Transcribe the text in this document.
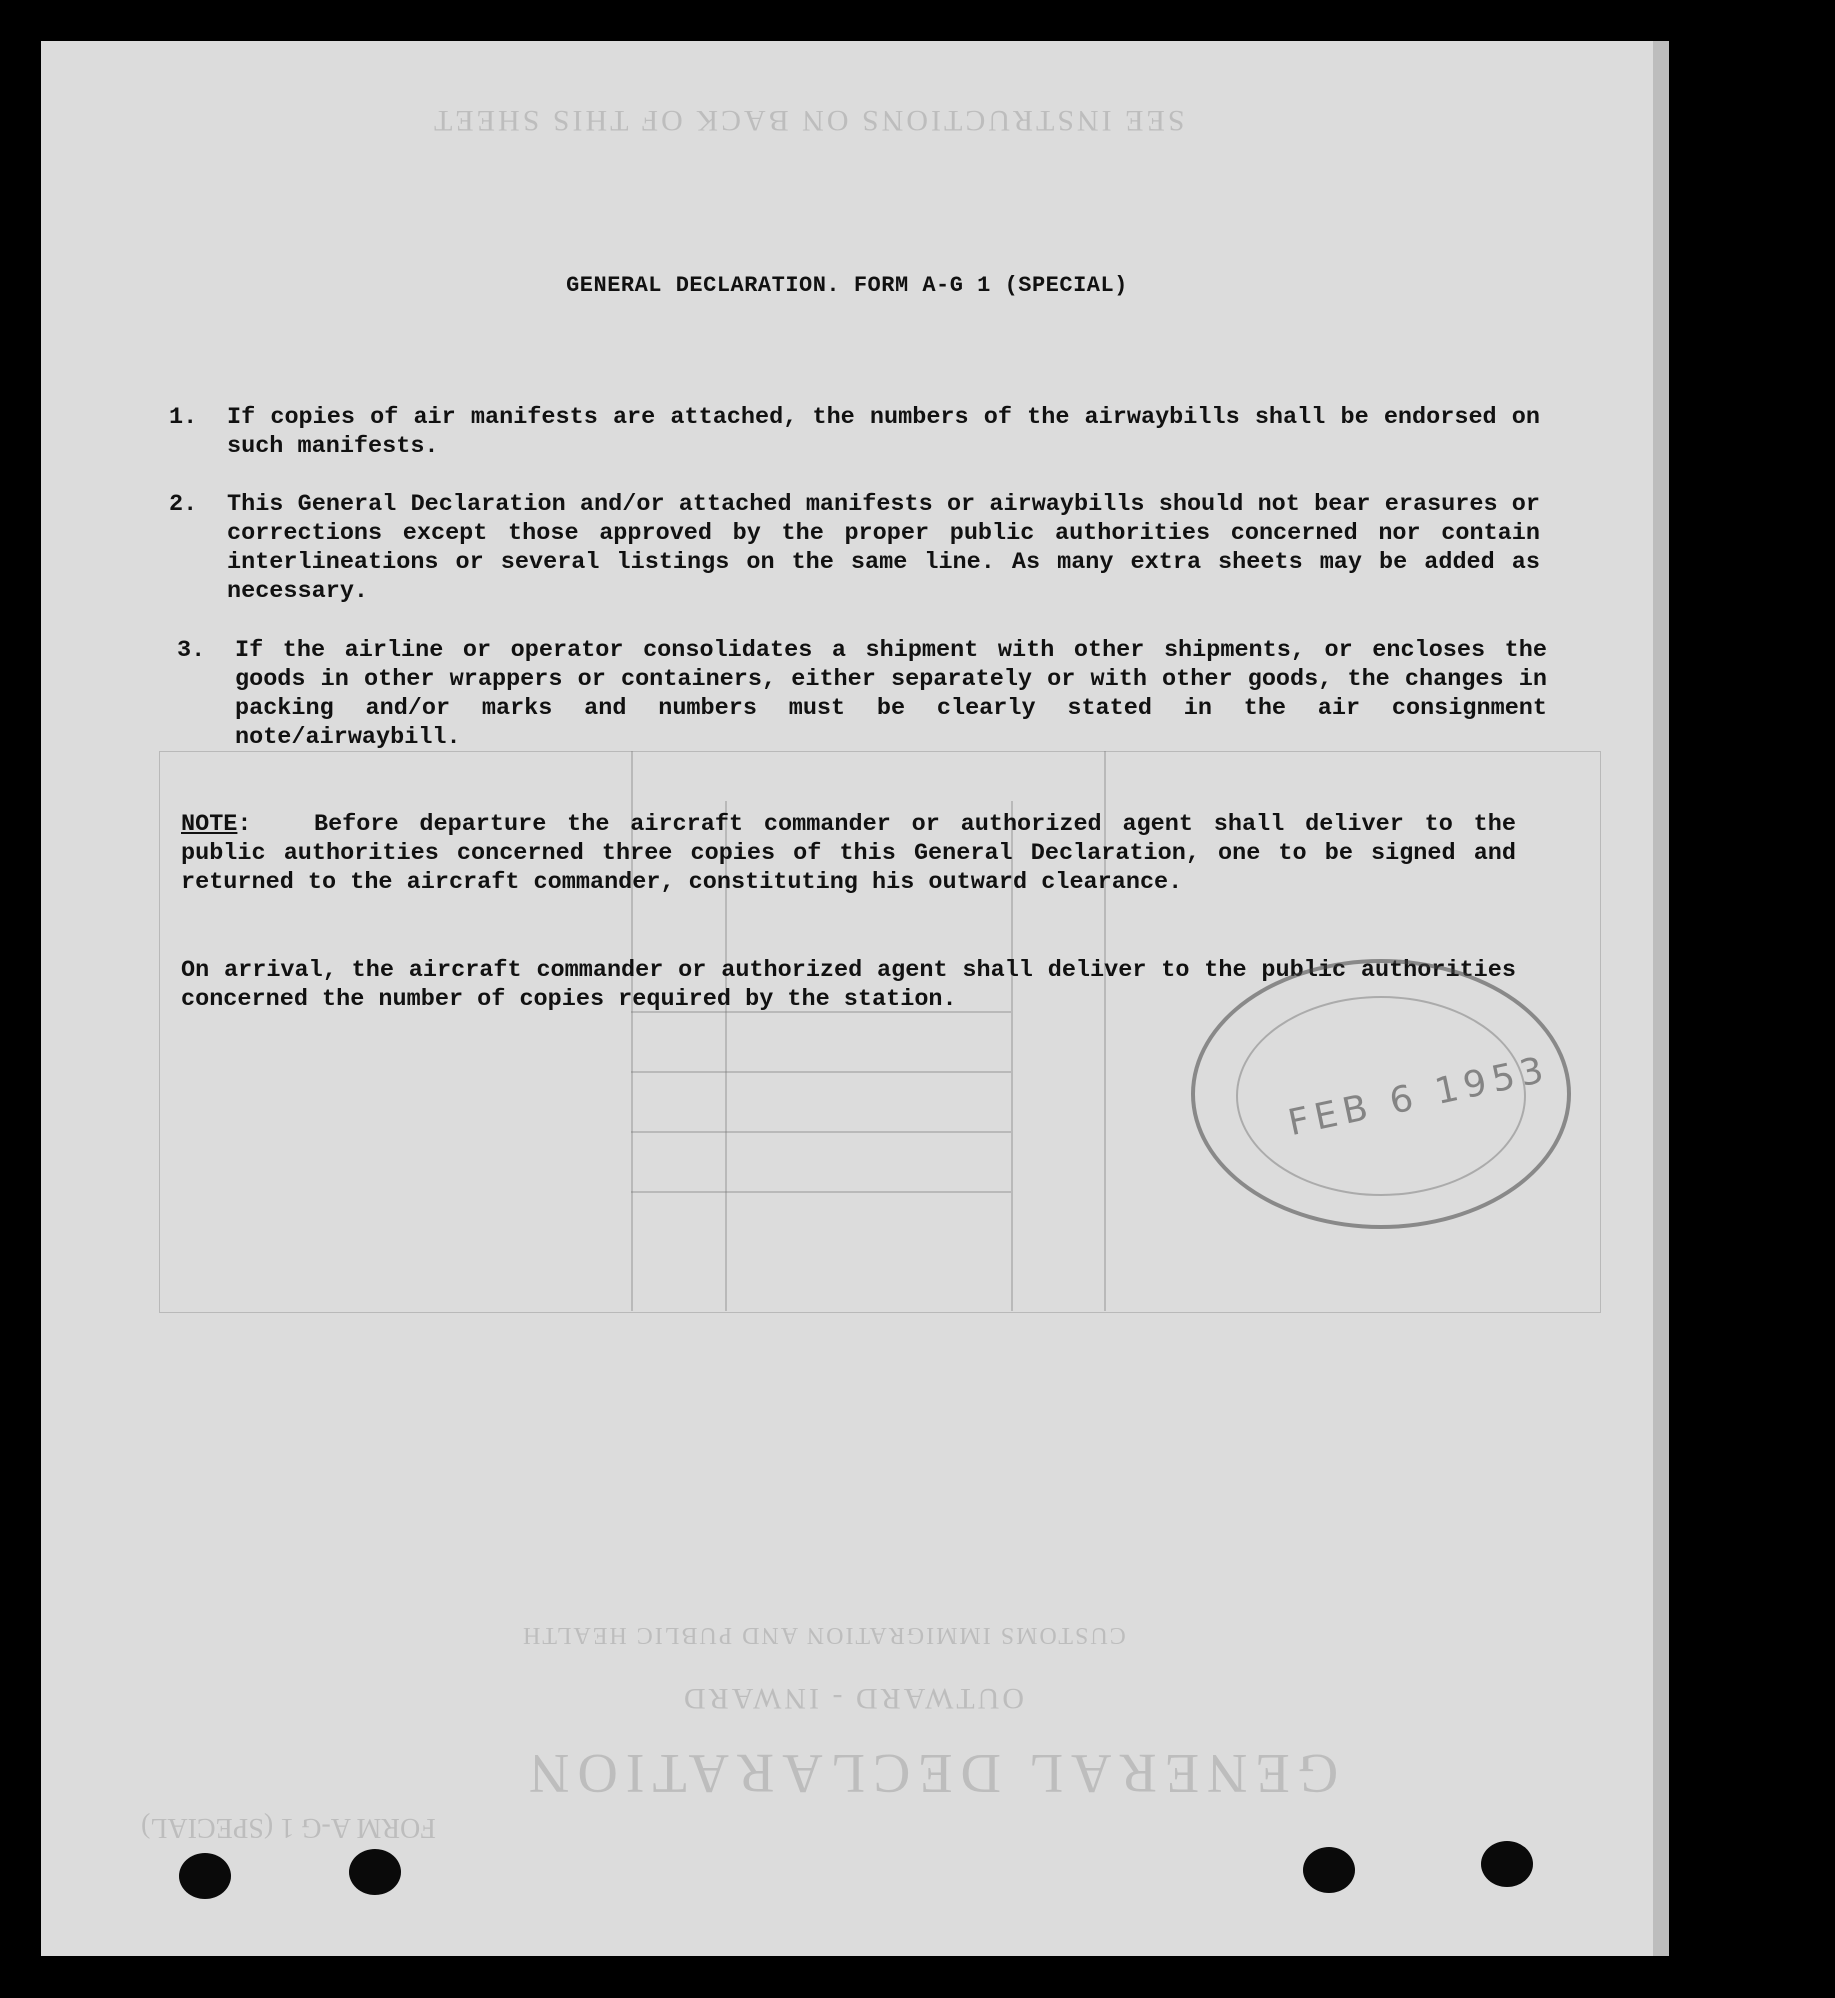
SEE INSTRUCTIONS ON BACK OF THIS SHEET
GENERAL DECLARATION
OUTWARD - INWARD
CUSTOMS IMMIGRATION AND PUBLIC HEALTH
FORM A-G 1 (SPECIAL)
GENERAL DECLARATION. FORM A-G 1 (SPECIAL)
1. If copies of air manifests are attached, the numbers of the airwaybills shall be endorsed on such manifests.
2. This General Declaration and/or attached manifests or airwaybills should not bear erasures or corrections except those approved by the proper public authorities concerned nor contain interlineations or several listings on the same line. As many extra sheets may be added as necessary.
3. If the airline or operator consolidates a shipment with other shipments, or encloses the goods in other wrappers or containers, either separately or with other goods, the changes in packing and/or marks and numbers must be clearly stated in the air consignment note/airwaybill.
NOTE:   Before departure the aircraft commander or authorized agent shall deliver to the public authorities concerned three copies of this General Declaration, one to be signed and returned to the aircraft commander, constituting his outward clearance.
On arrival, the aircraft commander or authorized agent shall deliver to the public authorities concerned the number of copies required by the station.
FEB 6 1953
